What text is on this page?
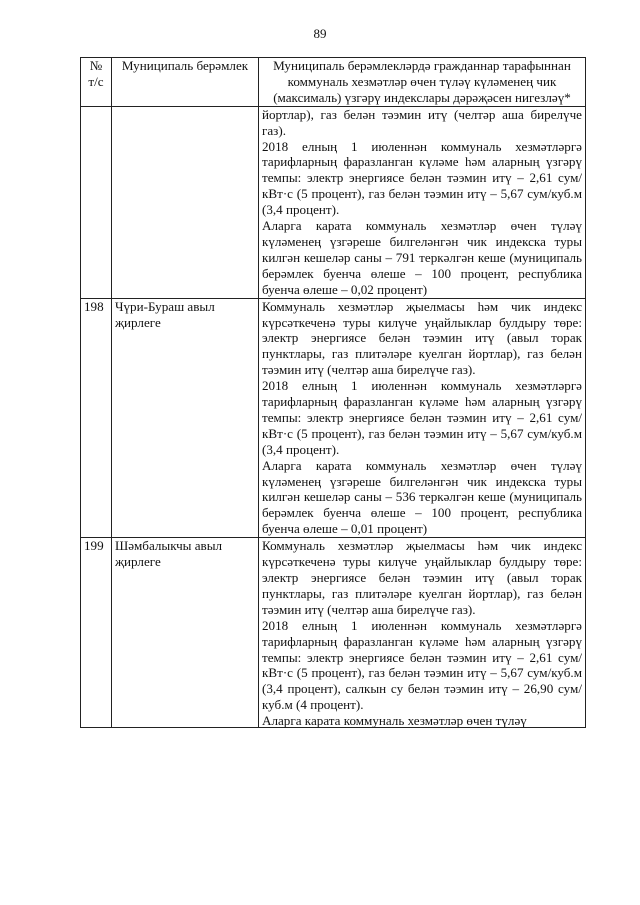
89
№ т/с	Муниципаль берәмлек	Муниципаль берәмлекләрдә гражданнар тарафыннан коммуналь хезмәтләр өчен түләү күләменең чик (максималь) үзгәрү индекслары дәрәҗәсен нигезләү*

		йортлар), газ белән тәэмин итү (челтәр аша бирелүче газ).
2018 елның 1 июленнән коммуналь хезмәтләргә тарифларның фаразланган күләме һәм аларның үзгәрү темпы: электр энергиясе белән тәэмин итү – 2,61 сум/кВт·с (5 процент), газ белән тәэмин итү – 5,67 сум/куб.м (3,4 процент).
Аларга карата коммуналь хезмәтләр өчен түләү күләменең үзгәреше билгеләнгән чик индекска туры килгән кешеләр саны – 791 теркәлгән кеше (муниципаль берәмлек буенча өлеше – 100 процент, республика буенча өлеше – 0,02 процент)

198	Чүри-Бураш авыл җирлеге	Коммуналь хезмәтләр җыелмасы һәм чик индекс күрсәткеченә туры килүче уңайлыклар булдыру төре: электр энергиясе белән тәэмин итү (авыл торак пунктлары, газ плитәләре куелган йортлар), газ белән тәэмин итү (челтәр аша бирелүче газ).
2018 елның 1 июленнән коммуналь хезмәтләргә тарифларның фаразланган күләме һәм аларның үзгәрү темпы: электр энергиясе белән тәэмин итү – 2,61 сум/кВт·с (5 процент), газ белән тәэмин итү – 5,67 сум/куб.м (3,4 процент).
Аларга карата коммуналь хезмәтләр өчен түләү күләменең үзгәреше билгеләнгән чик индекска туры килгән кешеләр саны – 536 теркәлгән кеше (муниципаль берәмлек буенча өлеше – 100 процент, республика буенча өлеше – 0,01 процент)

199	Шәмбалыкчы авыл җирлеге	Коммуналь хезмәтләр җыелмасы һәм чик индекс күрсәткеченә туры килүче уңайлыклар булдыру төре: электр энергиясе белән тәэмин итү (авыл торак пунктлары, газ плитәләре куелган йортлар), газ белән тәэмин итү (челтәр аша бирелүче газ).
2018 елның 1 июленнән коммуналь хезмәтләргә тарифларның фаразланган күләме һәм аларның үзгәрү темпы: электр энергиясе белән тәэмин итү – 2,61 сум/кВт·с (5 процент), газ белән тәэмин итү – 5,67 сум/куб.м (3,4 процент), салкын су белән тәэмин итү – 26,90 сум/куб.м (4 процент).
Аларга карата коммуналь хезмәтләр өчен түләү
